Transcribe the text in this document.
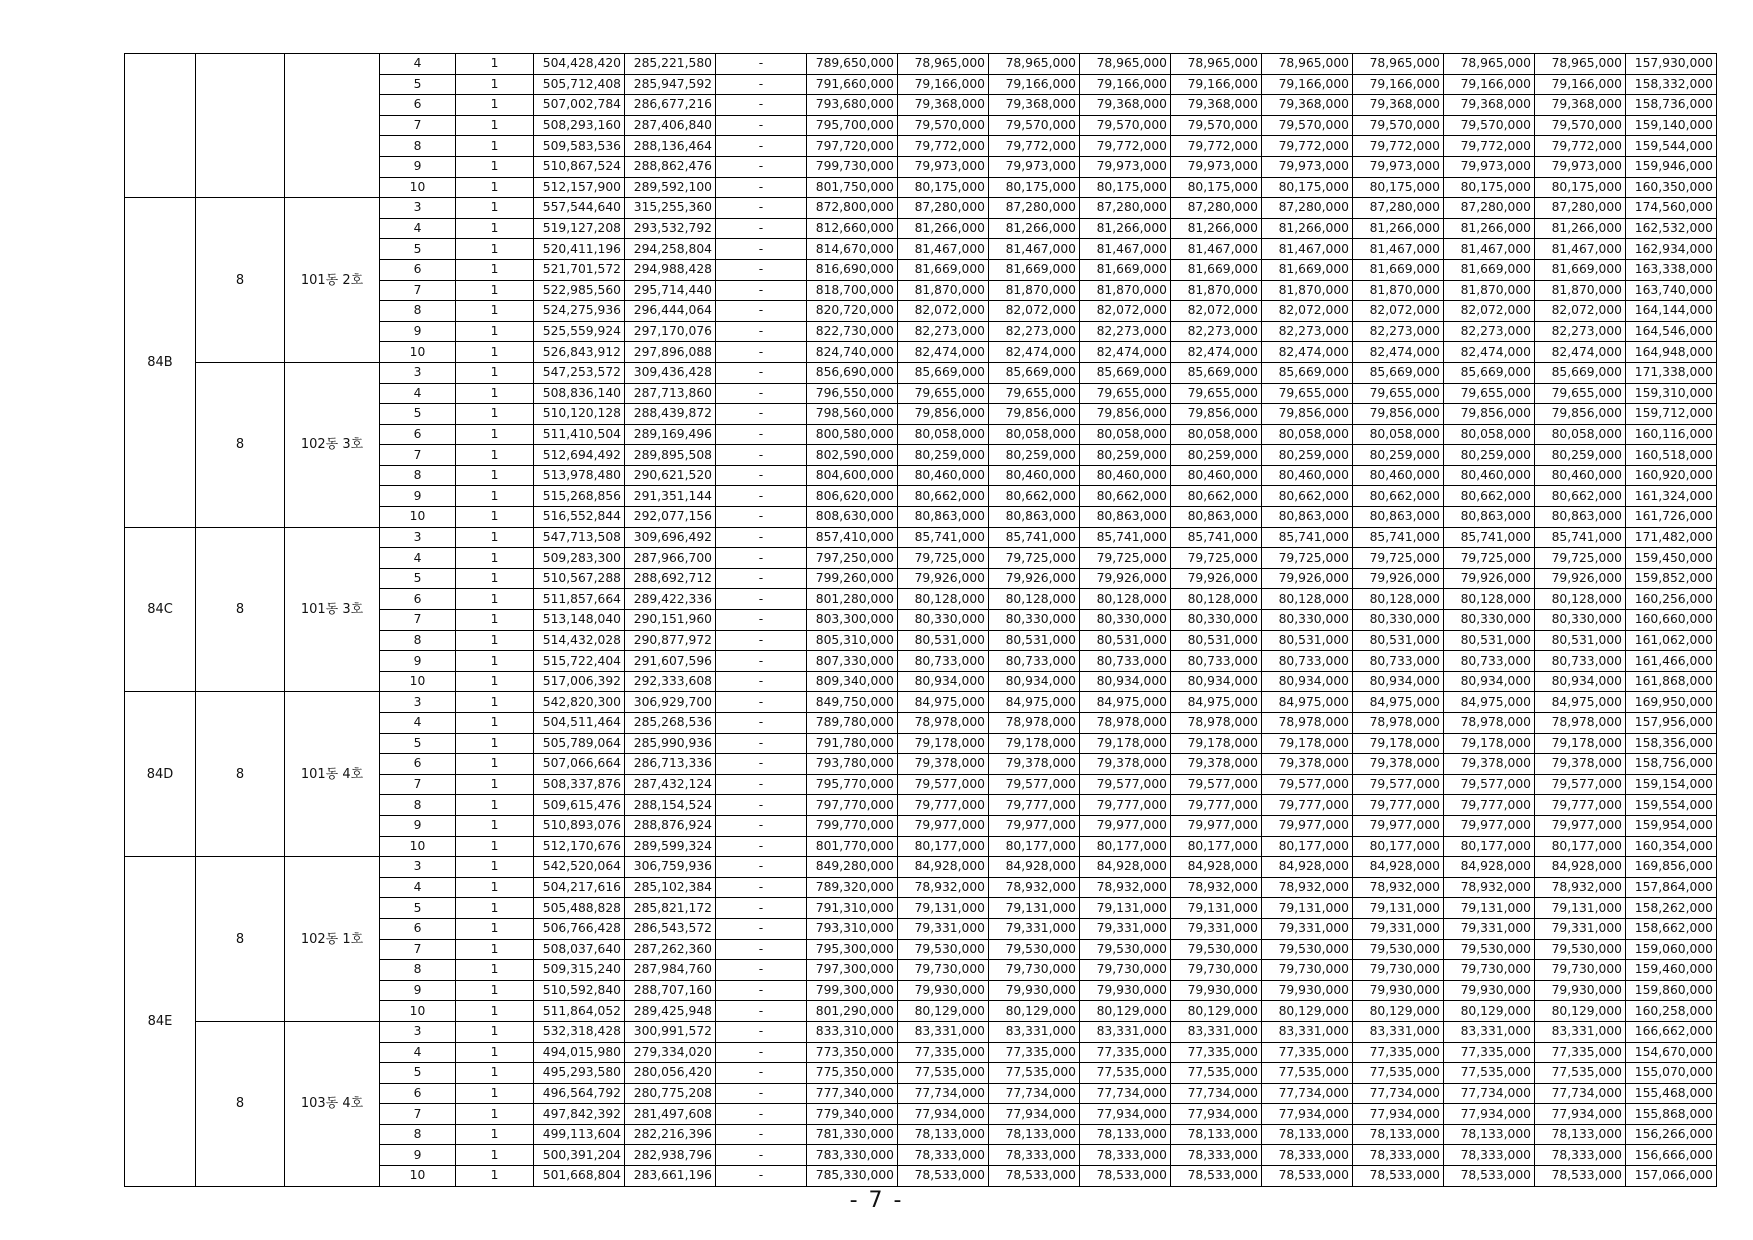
			4	1	504,428,420	285,221,580	-	789,650,000	78,965,000	78,965,000	78,965,000	78,965,000	78,965,000	78,965,000	78,965,000	78,965,000	157,930,000
			5	1	505,712,408	285,947,592	-	791,660,000	79,166,000	79,166,000	79,166,000	79,166,000	79,166,000	79,166,000	79,166,000	79,166,000	158,332,000
			6	1	507,002,784	286,677,216	-	793,680,000	79,368,000	79,368,000	79,368,000	79,368,000	79,368,000	79,368,000	79,368,000	79,368,000	158,736,000
			7	1	508,293,160	287,406,840	-	795,700,000	79,570,000	79,570,000	79,570,000	79,570,000	79,570,000	79,570,000	79,570,000	79,570,000	159,140,000
			8	1	509,583,536	288,136,464	-	797,720,000	79,772,000	79,772,000	79,772,000	79,772,000	79,772,000	79,772,000	79,772,000	79,772,000	159,544,000
			9	1	510,867,524	288,862,476	-	799,730,000	79,973,000	79,973,000	79,973,000	79,973,000	79,973,000	79,973,000	79,973,000	79,973,000	159,946,000
			10	1	512,157,900	289,592,100	-	801,750,000	80,175,000	80,175,000	80,175,000	80,175,000	80,175,000	80,175,000	80,175,000	80,175,000	160,350,000
84B	8	101동 2호	3	1	557,544,640	315,255,360	-	872,800,000	87,280,000	87,280,000	87,280,000	87,280,000	87,280,000	87,280,000	87,280,000	87,280,000	174,560,000
			4	1	519,127,208	293,532,792	-	812,660,000	81,266,000	81,266,000	81,266,000	81,266,000	81,266,000	81,266,000	81,266,000	81,266,000	162,532,000
			5	1	520,411,196	294,258,804	-	814,670,000	81,467,000	81,467,000	81,467,000	81,467,000	81,467,000	81,467,000	81,467,000	81,467,000	162,934,000
			6	1	521,701,572	294,988,428	-	816,690,000	81,669,000	81,669,000	81,669,000	81,669,000	81,669,000	81,669,000	81,669,000	81,669,000	163,338,000
			7	1	522,985,560	295,714,440	-	818,700,000	81,870,000	81,870,000	81,870,000	81,870,000	81,870,000	81,870,000	81,870,000	81,870,000	163,740,000
			8	1	524,275,936	296,444,064	-	820,720,000	82,072,000	82,072,000	82,072,000	82,072,000	82,072,000	82,072,000	82,072,000	82,072,000	164,144,000
			9	1	525,559,924	297,170,076	-	822,730,000	82,273,000	82,273,000	82,273,000	82,273,000	82,273,000	82,273,000	82,273,000	82,273,000	164,546,000
			10	1	526,843,912	297,896,088	-	824,740,000	82,474,000	82,474,000	82,474,000	82,474,000	82,474,000	82,474,000	82,474,000	82,474,000	164,948,000
	8	102동 3호	3	1	547,253,572	309,436,428	-	856,690,000	85,669,000	85,669,000	85,669,000	85,669,000	85,669,000	85,669,000	85,669,000	85,669,000	171,338,000
			4	1	508,836,140	287,713,860	-	796,550,000	79,655,000	79,655,000	79,655,000	79,655,000	79,655,000	79,655,000	79,655,000	79,655,000	159,310,000
			5	1	510,120,128	288,439,872	-	798,560,000	79,856,000	79,856,000	79,856,000	79,856,000	79,856,000	79,856,000	79,856,000	79,856,000	159,712,000
			6	1	511,410,504	289,169,496	-	800,580,000	80,058,000	80,058,000	80,058,000	80,058,000	80,058,000	80,058,000	80,058,000	80,058,000	160,116,000
			7	1	512,694,492	289,895,508	-	802,590,000	80,259,000	80,259,000	80,259,000	80,259,000	80,259,000	80,259,000	80,259,000	80,259,000	160,518,000
			8	1	513,978,480	290,621,520	-	804,600,000	80,460,000	80,460,000	80,460,000	80,460,000	80,460,000	80,460,000	80,460,000	80,460,000	160,920,000
			9	1	515,268,856	291,351,144	-	806,620,000	80,662,000	80,662,000	80,662,000	80,662,000	80,662,000	80,662,000	80,662,000	80,662,000	161,324,000
			10	1	516,552,844	292,077,156	-	808,630,000	80,863,000	80,863,000	80,863,000	80,863,000	80,863,000	80,863,000	80,863,000	80,863,000	161,726,000
84C	8	101동 3호	3	1	547,713,508	309,696,492	-	857,410,000	85,741,000	85,741,000	85,741,000	85,741,000	85,741,000	85,741,000	85,741,000	85,741,000	171,482,000
			4	1	509,283,300	287,966,700	-	797,250,000	79,725,000	79,725,000	79,725,000	79,725,000	79,725,000	79,725,000	79,725,000	79,725,000	159,450,000
			5	1	510,567,288	288,692,712	-	799,260,000	79,926,000	79,926,000	79,926,000	79,926,000	79,926,000	79,926,000	79,926,000	79,926,000	159,852,000
			6	1	511,857,664	289,422,336	-	801,280,000	80,128,000	80,128,000	80,128,000	80,128,000	80,128,000	80,128,000	80,128,000	80,128,000	160,256,000
			7	1	513,148,040	290,151,960	-	803,300,000	80,330,000	80,330,000	80,330,000	80,330,000	80,330,000	80,330,000	80,330,000	80,330,000	160,660,000
			8	1	514,432,028	290,877,972	-	805,310,000	80,531,000	80,531,000	80,531,000	80,531,000	80,531,000	80,531,000	80,531,000	80,531,000	161,062,000
			9	1	515,722,404	291,607,596	-	807,330,000	80,733,000	80,733,000	80,733,000	80,733,000	80,733,000	80,733,000	80,733,000	80,733,000	161,466,000
			10	1	517,006,392	292,333,608	-	809,340,000	80,934,000	80,934,000	80,934,000	80,934,000	80,934,000	80,934,000	80,934,000	80,934,000	161,868,000
84D	8	101동 4호	3	1	542,820,300	306,929,700	-	849,750,000	84,975,000	84,975,000	84,975,000	84,975,000	84,975,000	84,975,000	84,975,000	84,975,000	169,950,000
			4	1	504,511,464	285,268,536	-	789,780,000	78,978,000	78,978,000	78,978,000	78,978,000	78,978,000	78,978,000	78,978,000	78,978,000	157,956,000
			5	1	505,789,064	285,990,936	-	791,780,000	79,178,000	79,178,000	79,178,000	79,178,000	79,178,000	79,178,000	79,178,000	79,178,000	158,356,000
			6	1	507,066,664	286,713,336	-	793,780,000	79,378,000	79,378,000	79,378,000	79,378,000	79,378,000	79,378,000	79,378,000	79,378,000	158,756,000
			7	1	508,337,876	287,432,124	-	795,770,000	79,577,000	79,577,000	79,577,000	79,577,000	79,577,000	79,577,000	79,577,000	79,577,000	159,154,000
			8	1	509,615,476	288,154,524	-	797,770,000	79,777,000	79,777,000	79,777,000	79,777,000	79,777,000	79,777,000	79,777,000	79,777,000	159,554,000
			9	1	510,893,076	288,876,924	-	799,770,000	79,977,000	79,977,000	79,977,000	79,977,000	79,977,000	79,977,000	79,977,000	79,977,000	159,954,000
			10	1	512,170,676	289,599,324	-	801,770,000	80,177,000	80,177,000	80,177,000	80,177,000	80,177,000	80,177,000	80,177,000	80,177,000	160,354,000
84E	8	102동 1호	3	1	542,520,064	306,759,936	-	849,280,000	84,928,000	84,928,000	84,928,000	84,928,000	84,928,000	84,928,000	84,928,000	84,928,000	169,856,000
			4	1	504,217,616	285,102,384	-	789,320,000	78,932,000	78,932,000	78,932,000	78,932,000	78,932,000	78,932,000	78,932,000	78,932,000	157,864,000
			5	1	505,488,828	285,821,172	-	791,310,000	79,131,000	79,131,000	79,131,000	79,131,000	79,131,000	79,131,000	79,131,000	79,131,000	158,262,000
			6	1	506,766,428	286,543,572	-	793,310,000	79,331,000	79,331,000	79,331,000	79,331,000	79,331,000	79,331,000	79,331,000	79,331,000	158,662,000
			7	1	508,037,640	287,262,360	-	795,300,000	79,530,000	79,530,000	79,530,000	79,530,000	79,530,000	79,530,000	79,530,000	79,530,000	159,060,000
			8	1	509,315,240	287,984,760	-	797,300,000	79,730,000	79,730,000	79,730,000	79,730,000	79,730,000	79,730,000	79,730,000	79,730,000	159,460,000
			9	1	510,592,840	288,707,160	-	799,300,000	79,930,000	79,930,000	79,930,000	79,930,000	79,930,000	79,930,000	79,930,000	79,930,000	159,860,000
			10	1	511,864,052	289,425,948	-	801,290,000	80,129,000	80,129,000	80,129,000	80,129,000	80,129,000	80,129,000	80,129,000	80,129,000	160,258,000
	8	103동 4호	3	1	532,318,428	300,991,572	-	833,310,000	83,331,000	83,331,000	83,331,000	83,331,000	83,331,000	83,331,000	83,331,000	83,331,000	166,662,000
			4	1	494,015,980	279,334,020	-	773,350,000	77,335,000	77,335,000	77,335,000	77,335,000	77,335,000	77,335,000	77,335,000	77,335,000	154,670,000
			5	1	495,293,580	280,056,420	-	775,350,000	77,535,000	77,535,000	77,535,000	77,535,000	77,535,000	77,535,000	77,535,000	77,535,000	155,070,000
			6	1	496,564,792	280,775,208	-	777,340,000	77,734,000	77,734,000	77,734,000	77,734,000	77,734,000	77,734,000	77,734,000	77,734,000	155,468,000
			7	1	497,842,392	281,497,608	-	779,340,000	77,934,000	77,934,000	77,934,000	77,934,000	77,934,000	77,934,000	77,934,000	77,934,000	155,868,000
			8	1	499,113,604	282,216,396	-	781,330,000	78,133,000	78,133,000	78,133,000	78,133,000	78,133,000	78,133,000	78,133,000	78,133,000	156,266,000
			9	1	500,391,204	282,938,796	-	783,330,000	78,333,000	78,333,000	78,333,000	78,333,000	78,333,000	78,333,000	78,333,000	78,333,000	156,666,000
			10	1	501,668,804	283,661,196	-	785,330,000	78,533,000	78,533,000	78,533,000	78,533,000	78,533,000	78,533,000	78,533,000	78,533,000	157,066,000
- 7 -
